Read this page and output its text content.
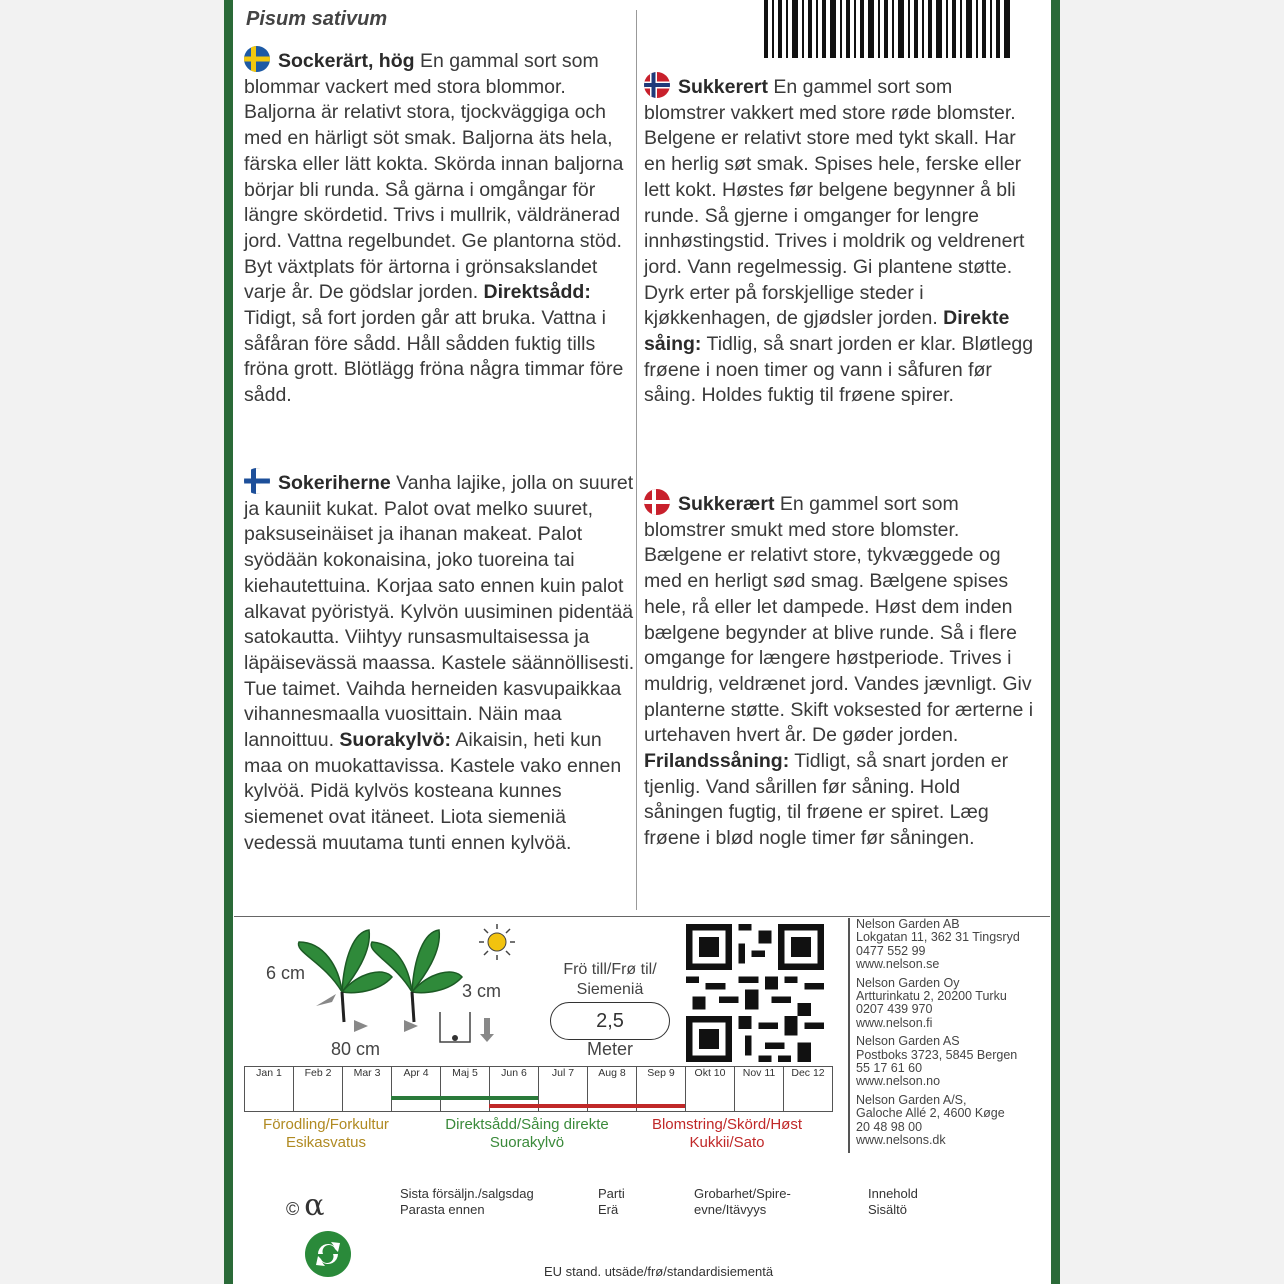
Pisum sativum
Sockerärt, hög En gammal sort som blommar vackert med stora blommor. Baljorna är relativt stora, tjockväggiga och med en härligt söt smak. Baljorna äts hela, färska eller lätt kokta. Skörda innan baljorna börjar bli runda. Så gärna i omgångar för längre skördetid. Trivs i mullrik, väldränerad jord. Vattna regelbundet. Ge plantorna stöd. Byt växtplats för ärtorna i grönsakslandet varje år. De gödslar jorden. Direktsådd: Tidigt, så fort jorden går att bruka. Vattna i såfåran före sådd. Håll sådden fuktig tills fröna grott. Blötlägg fröna några timmar före sådd.
Sukkerert En gammel sort som blomstrer vakkert med store røde blomster. Belgene er relativt store med tykt skall. Har en herlig søt smak. Spises hele, ferske eller lett kokt. Høstes før belgene begynner å bli runde. Så gjerne i omganger for lengre innhøstingstid. Trives i moldrik og veldrenert jord. Vann regelmessig. Gi plantene støtte. Dyrk erter på forskjellige steder i kjøkkenhagen, de gjødsler jorden. Direkte såing: Tidlig, så snart jorden er klar. Bløtlegg frøene i noen timer og vann i såfuren før såing. Holdes fuktig til frøene spirer.
Sokeriherne Vanha lajike, jolla on suuret ja kauniit kukat. Palot ovat melko suuret, paksuseinäiset ja ihanan makeat. Palot syödään kokonaisina, joko tuoreina tai kiehautettuina. Korjaa sato ennen kuin palot alkavat pyöristyä. Kylvön uusiminen pidentää satokautta. Viihtyy runsasmultaisessa ja läpäisevässä maassa. Kastele säännöllisesti. Tue taimet. Vaihda herneiden kasvupaikkaa vihannesmaalla vuosittain. Näin maa lannoittuu. Suorakylvö: Aikaisin, heti kun maa on muokattavissa. Kastele vako ennen kylvöä. Pidä kylvös kosteana kunnes siemenet ovat itäneet. Liota siemeniä vedessä muutama tunti ennen kylvöä.
Sukkerært En gammel sort som blomstrer smukt med store blomster. Bælgene er relativt store, tykvæggede og med en herligt sød smag. Bælgene spises hele, rå eller let dampede. Høst dem inden bælgene begynder at blive runde. Så i flere omgange for længere høstperiode. Trives i muldrig, veldrænet jord. Vandes jævnligt. Giv planterne støtte. Skift voksested for ærterne i urtehaven hvert år. De gøder jorden. Frilandssåning: Tidligt, så snart jorden er tjenlig. Vand sårillen før såning. Hold såningen fugtig, til frøene er spiret. Læg frøene i blød nogle timer før såningen.
6 cm
3 cm
80 cm
Frö till/Frø til/
Siemeniä
2,5
Meter
Jan 1	Feb 2	Mar 3	Apr 4	Maj 5	Jun 6	Jul 7	Aug 8	Sep 9	Okt 10	Nov 11	Dec 12
Förodling/Forkultur
Esikasvatus
Direktsådd/Såing direkte
Suorakylvö
Blomstring/Skörd/Høst
Kukkii/Sato
Nelson Garden AB
Lokgatan 11, 362 31 Tingsryd
0477 552 99
www.nelson.se
Nelson Garden Oy
Artturinkatu 2, 20200 Turku
0207 439 970
www.nelson.fi
Nelson Garden AS
Postboks 3723, 5845 Bergen
55 17 61 60
www.nelson.no
Nelson Garden A/S,
Galoche Allé 2, 4600 Køge
20 48 98 00
www.nelsons.dk
© α	Sista försäljn./salgsdag
Parasta ennen
Parti
Erä
Grobarhet/Spire-
evne/Itävyys
Innehold
Sisältö
EU stand. utsäde/frø/standardisiementä
